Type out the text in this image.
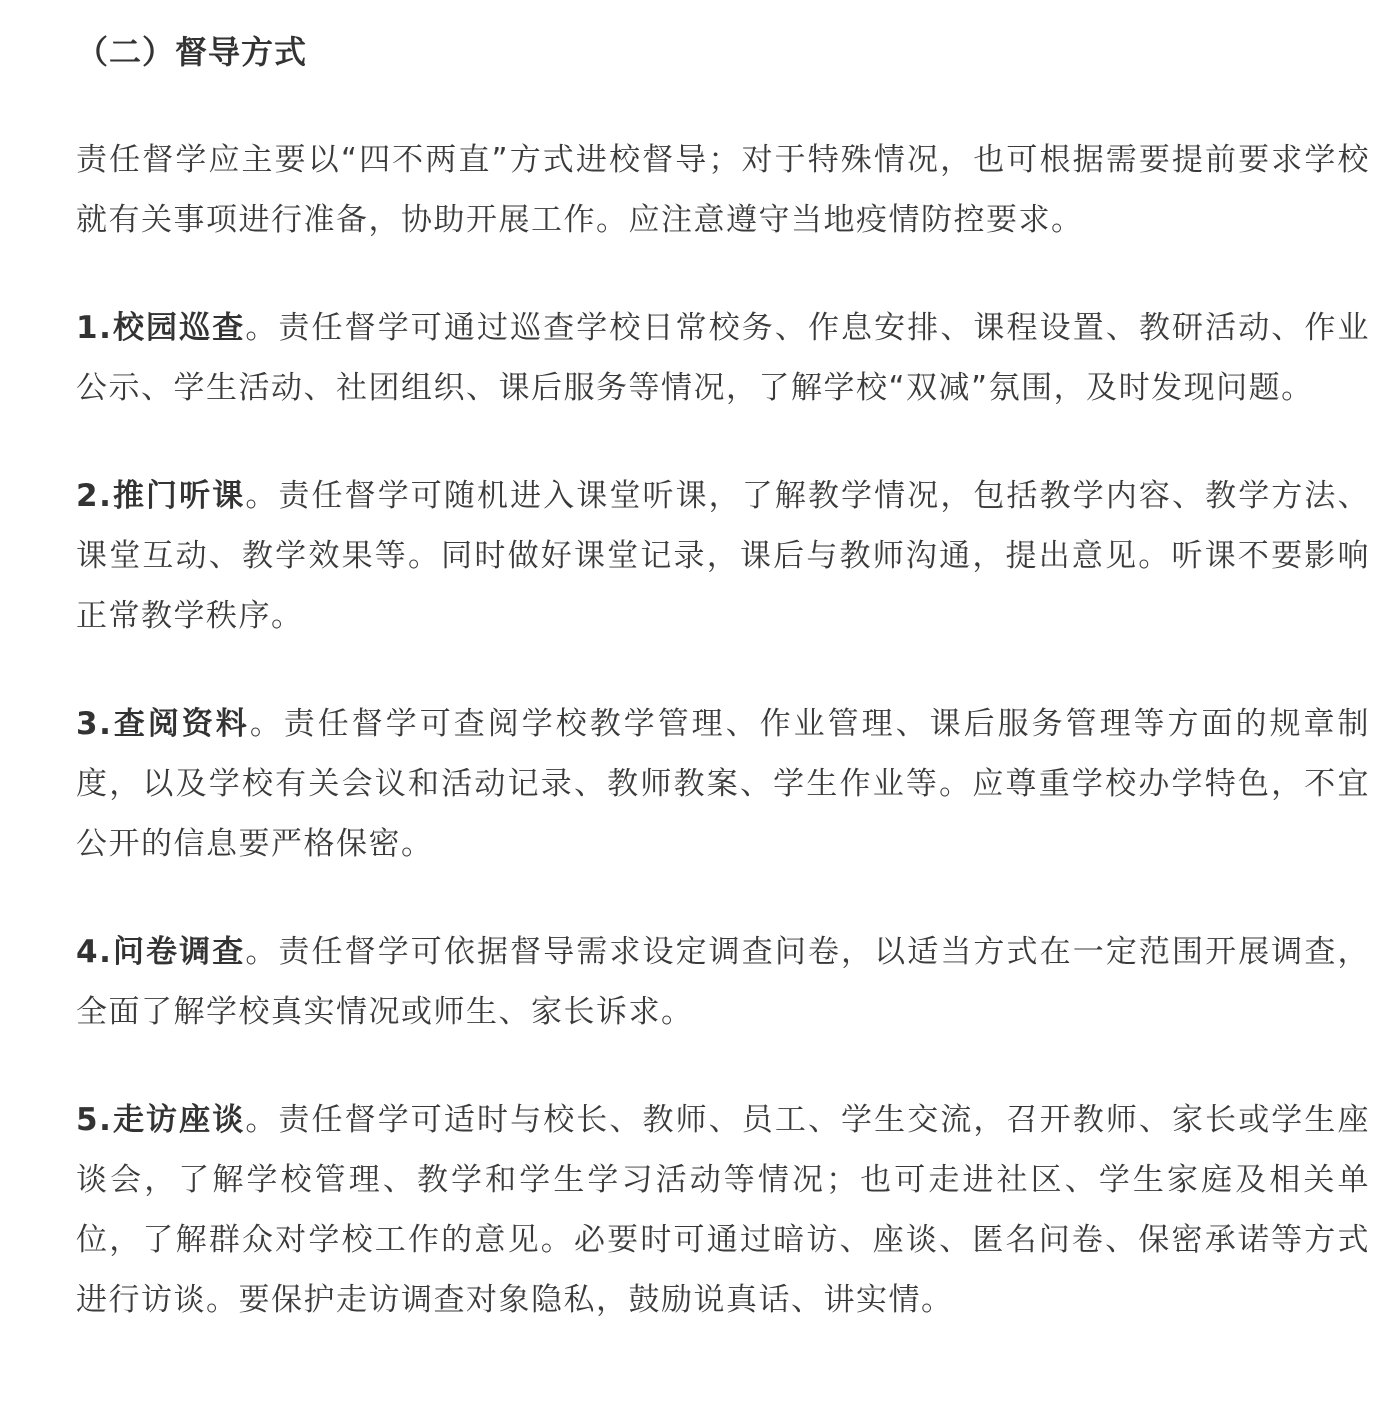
（二）督导方式

责任督学应主要以“四不两直”方式进校督导；对于特殊情况，也可根据需要提前要求学校就有关事项进行准备，协助开展工作。应注意遵守当地疫情防控要求。

1.校园巡查。责任督学可通过巡查学校日常校务、作息安排、课程设置、教研活动、作业公示、学生活动、社团组织、课后服务等情况，了解学校“双减”氛围，及时发现问题。

2.推门听课。责任督学可随机进入课堂听课，了解教学情况，包括教学内容、教学方法、课堂互动、教学效果等。同时做好课堂记录，课后与教师沟通，提出意见。听课不要影响正常教学秩序。

3.查阅资料。责任督学可查阅学校教学管理、作业管理、课后服务管理等方面的规章制度，以及学校有关会议和活动记录、教师教案、学生作业等。应尊重学校办学特色，不宜公开的信息要严格保密。

4.问卷调查。责任督学可依据督导需求设定调查问卷，以适当方式在一定范围开展调查，全面了解学校真实情况或师生、家长诉求。

5.走访座谈。责任督学可适时与校长、教师、员工、学生交流，召开教师、家长或学生座谈会，了解学校管理、教学和学生学习活动等情况；也可走进社区、学生家庭及相关单位，了解群众对学校工作的意见。必要时可通过暗访、座谈、匿名问卷、保密承诺等方式进行访谈。要保护走访调查对象隐私，鼓励说真话、讲实情。
